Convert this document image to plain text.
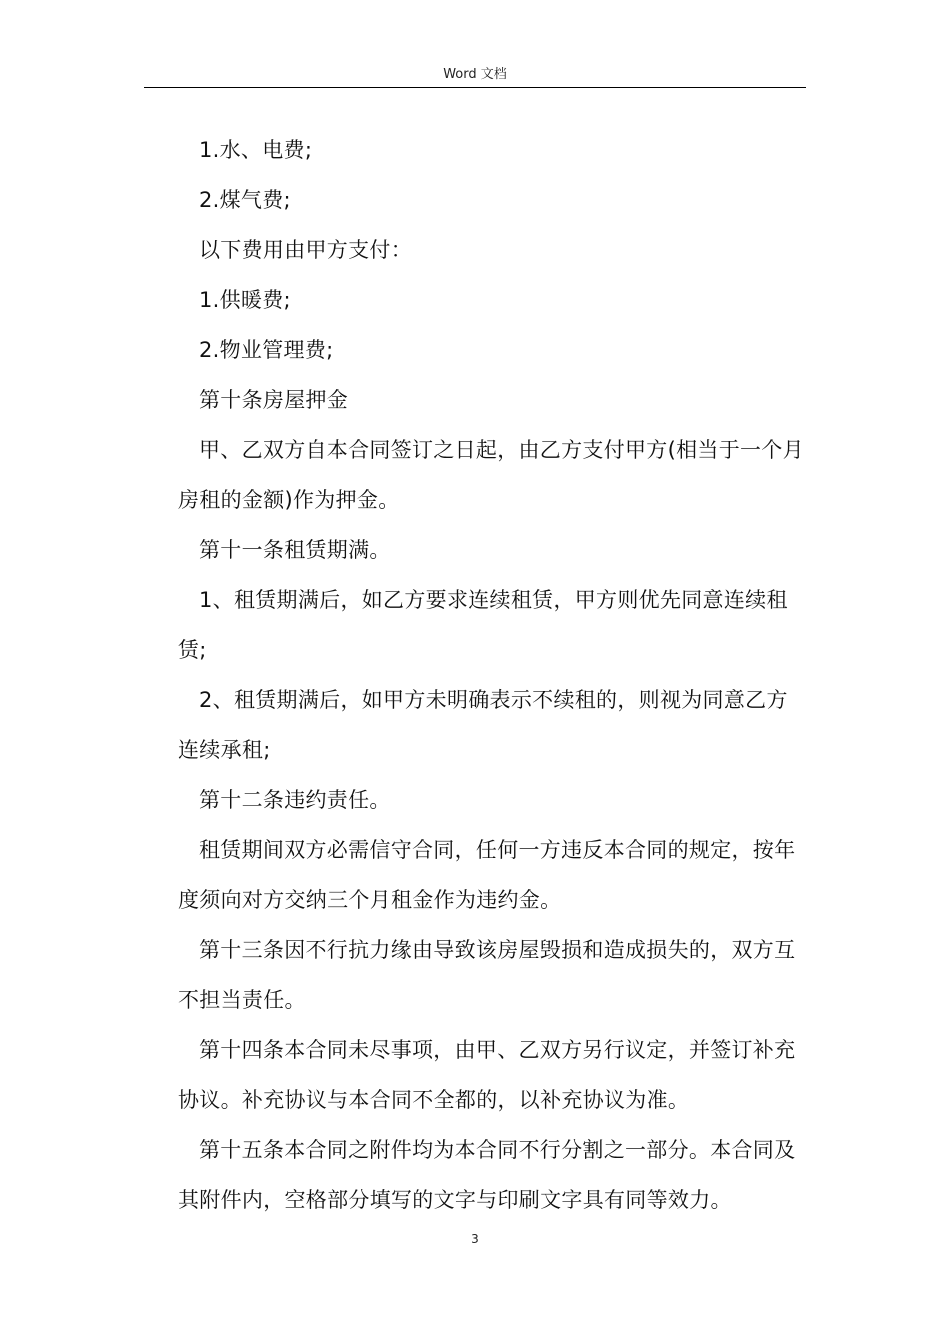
Word 文档

1.水、电费;

2.煤气费;

以下费用由甲方支付：

1.供暖费;

2.物业管理费;

第十条房屋押金

甲、乙双方自本合同签订之日起，由乙方支付甲方(相当于一个月房租的金额)作为押金。

第十一条租赁期满。

1、租赁期满后，如乙方要求连续租赁，甲方则优先同意连续租赁;

2、租赁期满后，如甲方未明确表示不续租的，则视为同意乙方连续承租;

第十二条违约责任。

租赁期间双方必需信守合同，任何一方违反本合同的规定，按年度须向对方交纳三个月租金作为违约金。

第十三条因不行抗力缘由导致该房屋毁损和造成损失的，双方互不担当责任。

第十四条本合同未尽事项，由甲、乙双方另行议定，并签订补充协议。补充协议与本合同不全都的，以补充协议为准。

第十五条本合同之附件均为本合同不行分割之一部分。本合同及其附件内，空格部分填写的文字与印刷文字具有同等效力。

3
